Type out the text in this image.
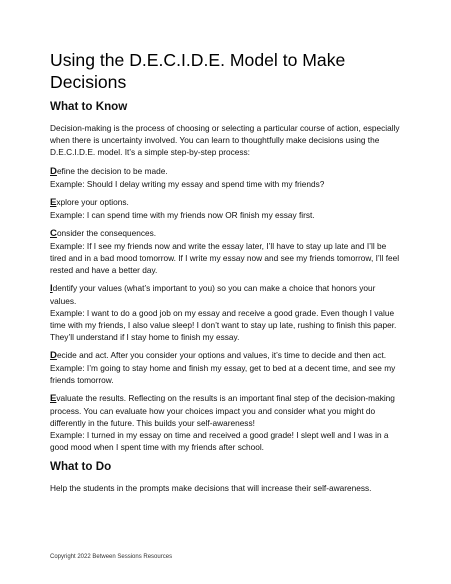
Using the D.E.C.I.D.E. Model to Make Decisions
What to Know

Decision-making is the process of choosing or selecting a particular course of action, especially when there is uncertainty involved. You can learn to thoughtfully make decisions using the D.E.C.I.D.E. model. It’s a simple step-by-step process:

Define the decision to be made.
Example: Should I delay writing my essay and spend time with my friends?
Explore your options.
Example: I can spend time with my friends now OR finish my essay first.
Consider the consequences.
Example: If I see my friends now and write the essay later, I’ll have to stay up late and I’ll be tired and in a bad mood tomorrow. If I write my essay now and see my friends tomorrow, I’ll feel rested and have a better day.
Identify your values (what’s important to you) so you can make a choice that honors your values.
Example: I want to do a good job on my essay and receive a good grade. Even though I value time with my friends, I also value sleep! I don’t want to stay up late, rushing to finish this paper. They’ll understand if I stay home to finish my essay.
Decide and act. After you consider your options and values, it’s time to decide and then act.
Example: I’m going to stay home and finish my essay, get to bed at a decent time, and see my friends tomorrow.
Evaluate the results. Reflecting on the results is an important final step of the decision-making process. You can evaluate how your choices impact you and consider what you might do differently in the future. This builds your self-awareness!
Example: I turned in my essay on time and received a good grade! I slept well and I was in a good mood when I spent time with my friends after school.
What to Do

Help the students in the prompts make decisions that will increase their self-awareness.

Copyright 2022 Between Sessions Resources
